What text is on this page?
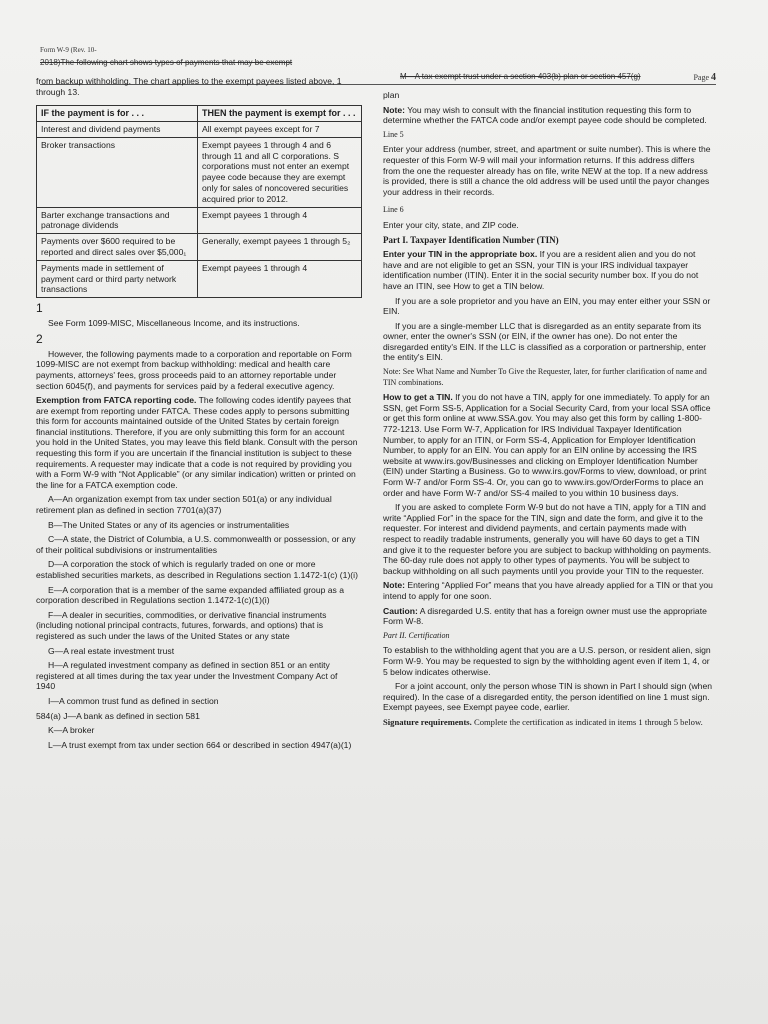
Form W-9 (Rev. 10-
Page 4
2018)The following chart shows types of payments that may be exempt
M—A tax exempt trust under a section 403(b) plan or section 457(g)

from backup withholding. The chart applies to the exempt payees listed above, 1 through 13.

IF the payment is for . . .	THEN the payment is exempt for . . .
Interest and dividend payments	All exempt payees except for 7
Broker transactions	Exempt payees 1 through 4 and 6 through 11 and all C corporations. S corporations must not enter an exempt payee code because they are exempt only for sales of noncovered securities acquired prior to 2012.
Barter exchange transactions and patronage dividends	Exempt payees 1 through 4
Payments over $600 required to be reported and direct sales over $5,000₁	Generally, exempt payees 1 through 5₂
Payments made in settlement of payment card or third party network transactions	Exempt payees 1 through 4

1

See Form 1099-MISC, Miscellaneous Income, and its instructions.

2

However, the following payments made to a corporation and reportable on Form 1099-MISC are not exempt from backup withholding: medical and health care payments, attorneys' fees, gross proceeds paid to an attorney reportable under section 6045(f), and payments for services paid by a federal executive agency.

Exemption from FATCA reporting code. The following codes identify payees that are exempt from reporting under FATCA. These codes apply to persons submitting this form for accounts maintained outside of the United States by certain foreign financial institutions. Therefore, if you are only submitting this form for an account you hold in the United States, you may leave this field blank. Consult with the person requesting this form if you are uncertain if the financial institution is subject to these requirements. A requester may indicate that a code is not required by providing you with a Form W-9 with “Not Applicable” (or any similar indication) written or printed on the line for a FATCA exemption code.

A—An organization exempt from tax under section 501(a) or any individual retirement plan as defined in section 7701(a)(37)

B—The United States or any of its agencies or instrumentalities

C—A state, the District of Columbia, a U.S. commonwealth or possession, or any of their political subdivisions or instrumentalities

D—A corporation the stock of which is regularly traded on one or more established securities markets, as described in Regulations section 1.1472-1(c) (1)(i)

E—A corporation that is a member of the same expanded affiliated group as a corporation described in Regulations section 1.1472-1(c)(1)(i)

F—A dealer in securities, commodities, or derivative financial instruments (including notional principal contracts, futures, forwards, and options) that is registered as such under the laws of the United States or any state

G—A real estate investment trust

H—A regulated investment company as defined in section 851 or an entity registered at all times during the tax year under the Investment Company Act of 1940

I—A common trust fund as defined in section

584(a) J—A bank as defined in section 581

K—A broker

L—A trust exempt from tax under section 664 or described in section 4947(a)(1)

plan

Note: You may wish to consult with the financial institution requesting this form to determine whether the FATCA code and/or exempt payee code should be completed.

Line 5

Enter your address (number, street, and apartment or suite number). This is where the requester of this Form W-9 will mail your information returns. If this address differs from the one the requester already has on file, write NEW at the top. If a new address is provided, there is still a chance the old address will be used until the payor changes your address in their records.

Line 6

Enter your city, state, and ZIP code.

Part I. Taxpayer Identification Number (TIN)

Enter your TIN in the appropriate box. If you are a resident alien and you do not have and are not eligible to get an SSN, your TIN is your IRS individual taxpayer identification number (ITIN). Enter it in the social security number box. If you do not have an ITIN, see How to get a TIN below.

If you are a sole proprietor and you have an EIN, you may enter either your SSN or EIN.

If you are a single-member LLC that is disregarded as an entity separate from its owner, enter the owner's SSN (or EIN, if the owner has one). Do not enter the disregarded entity's EIN. If the LLC is classified as a corporation or partnership, enter the entity's EIN.

Note: See What Name and Number To Give the Requester, later, for further clarification of name and TIN combinations.

How to get a TIN. If you do not have a TIN, apply for one immediately. To apply for an SSN, get Form SS-5, Application for a Social Security Card, from your local SSA office or get this form online at www.SSA.gov. You may also get this form by calling 1-800-772-1213. Use Form W-7, Application for IRS Individual Taxpayer Identification Number, to apply for an ITIN, or Form SS-4, Application for Employer Identification Number, to apply for an EIN. You can apply for an EIN online by accessing the IRS website at www.irs.gov/Businesses and clicking on Employer Identification Number (EIN) under Starting a Business. Go to www.irs.gov/Forms to view, download, or print Form W-7 and/or Form SS-4. Or, you can go to www.irs.gov/OrderForms to place an order and have Form W-7 and/or SS-4 mailed to you within 10 business days.

If you are asked to complete Form W-9 but do not have a TIN, apply for a TIN and write “Applied For” in the space for the TIN, sign and date the form, and give it to the requester. For interest and dividend payments, and certain payments made with respect to readily tradable instruments, generally you will have 60 days to get a TIN and give it to the requester before you are subject to backup withholding on payments. The 60-day rule does not apply to other types of payments. You will be subject to backup withholding on all such payments until you provide your TIN to the requester.

Note: Entering “Applied For” means that you have already applied for a TIN or that you intend to apply for one soon.

Caution: A disregarded U.S. entity that has a foreign owner must use the appropriate Form W-8.

Part II. Certification

To establish to the withholding agent that you are a U.S. person, or resident alien, sign Form W-9. You may be requested to sign by the withholding agent even if item 1, 4, or 5 below indicates otherwise.

For a joint account, only the person whose TIN is shown in Part I should sign (when required). In the case of a disregarded entity, the person identified on line 1 must sign. Exempt payees, see Exempt payee code, earlier.

Signature requirements. Complete the certification as indicated in items 1 through 5 below.
